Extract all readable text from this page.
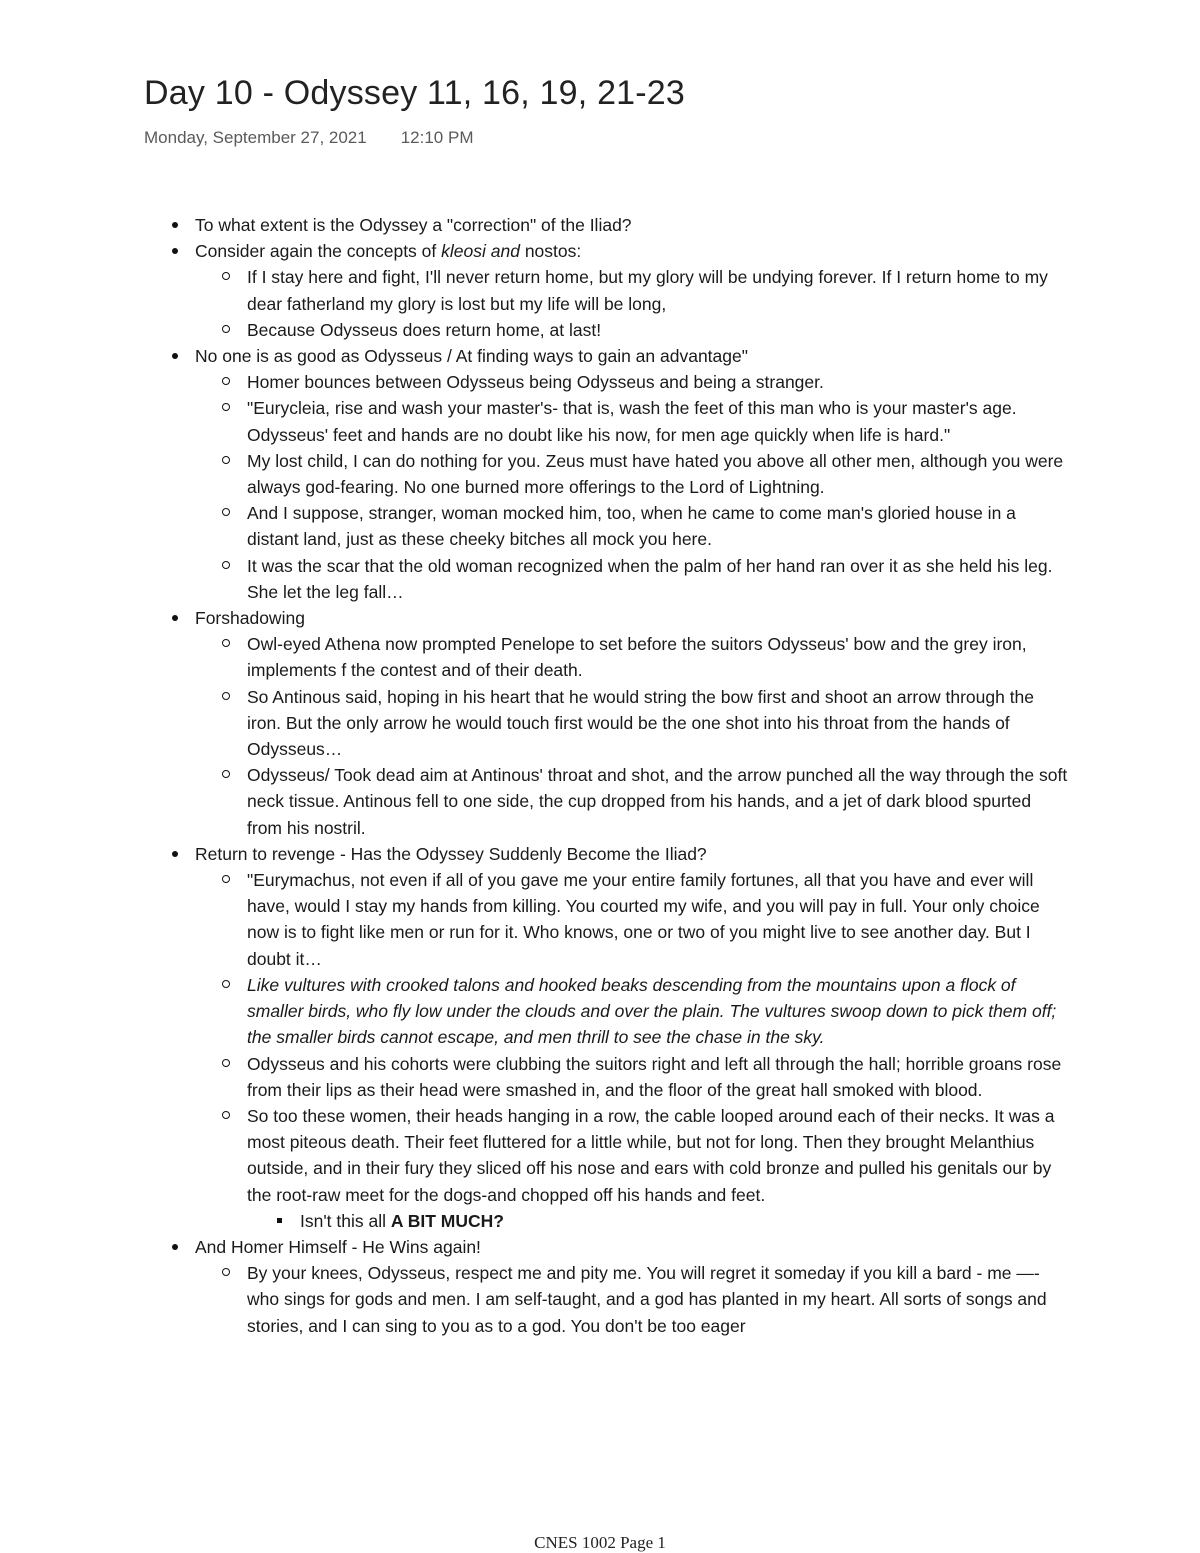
Day 10 - Odyssey 11, 16, 19, 21-23
Monday, September 27, 2021 12:10 PM
To what extent is the Odyssey a "correction" of the Iliad?
Consider again the concepts of kleosi and nostos:
If I stay here and fight, I'll never return home, but my glory will be undying forever. If I return home to my dear fatherland my glory is lost but my life will be long,
Because Odysseus does return home, at last!
No one is as good as Odysseus / At finding ways to gain an advantage"
Homer bounces between Odysseus being Odysseus and being a stranger.
"Eurycleia, rise and wash your master's- that is, wash the feet of this man who is your master's age. Odysseus' feet and hands are no doubt like his now, for men age quickly when life is hard."
My lost child, I can do nothing for you. Zeus must have hated you above all other men, although you were always god-fearing. No one burned more offerings to the Lord of Lightning.
And I suppose, stranger, woman mocked him, too, when he came to come man's gloried house in a distant land, just as these cheeky bitches all mock you here.
It was the scar that the old woman recognized when the palm of her hand ran over it as she held his leg. She let the leg fall…
Forshadowing
Owl-eyed Athena now prompted Penelope to set before the suitors Odysseus' bow and the grey iron, implements f the contest and of their death.
So Antinous said, hoping in his heart that he would string the bow first and shoot an arrow through the iron. But the only arrow he would touch first would be the one shot into his throat from the hands of Odysseus…
Odysseus/ Took dead aim at Antinous' throat and shot, and the arrow punched all the way through the soft neck tissue. Antinous fell to one side, the cup dropped from his hands, and a jet of dark blood spurted from his nostril.
Return to revenge - Has the Odyssey Suddenly Become the Iliad?
"Eurymachus, not even if all of you gave me your entire family fortunes, all that you have and ever will have, would I stay my hands from killing. You courted my wife, and you will pay in full. Your only choice now is to fight like men or run for it. Who knows, one or two of you might live to see another day. But I doubt it…
Like vultures with crooked talons and hooked beaks descending from the mountains upon a flock of smaller birds, who fly low under the clouds and over the plain. The vultures swoop down to pick them off; the smaller birds cannot escape, and men thrill to see the chase in the sky.
Odysseus and his cohorts were clubbing the suitors right and left all through the hall; horrible groans rose from their lips as their head were smashed in, and the floor of the great hall smoked with blood.
So too these women, their heads hanging in a row, the cable looped around each of their necks. It was a most piteous death. Their feet fluttered for a little while, but not for long. Then they brought Melanthius outside, and in their fury they sliced off his nose and ears with cold bronze and pulled his genitals our by the root-raw meet for the dogs-and chopped off his hands and feet.
Isn't this all A BIT MUCH?
And Homer Himself - He Wins again!
By your knees, Odysseus, respect me and pity me. You will regret it someday if you kill a bard - me —- who sings for gods and men. I am self-taught, and a god has planted in my heart. All sorts of songs and stories, and I can sing to you as to a god. You don't be too eager
CNES 1002 Page 1
